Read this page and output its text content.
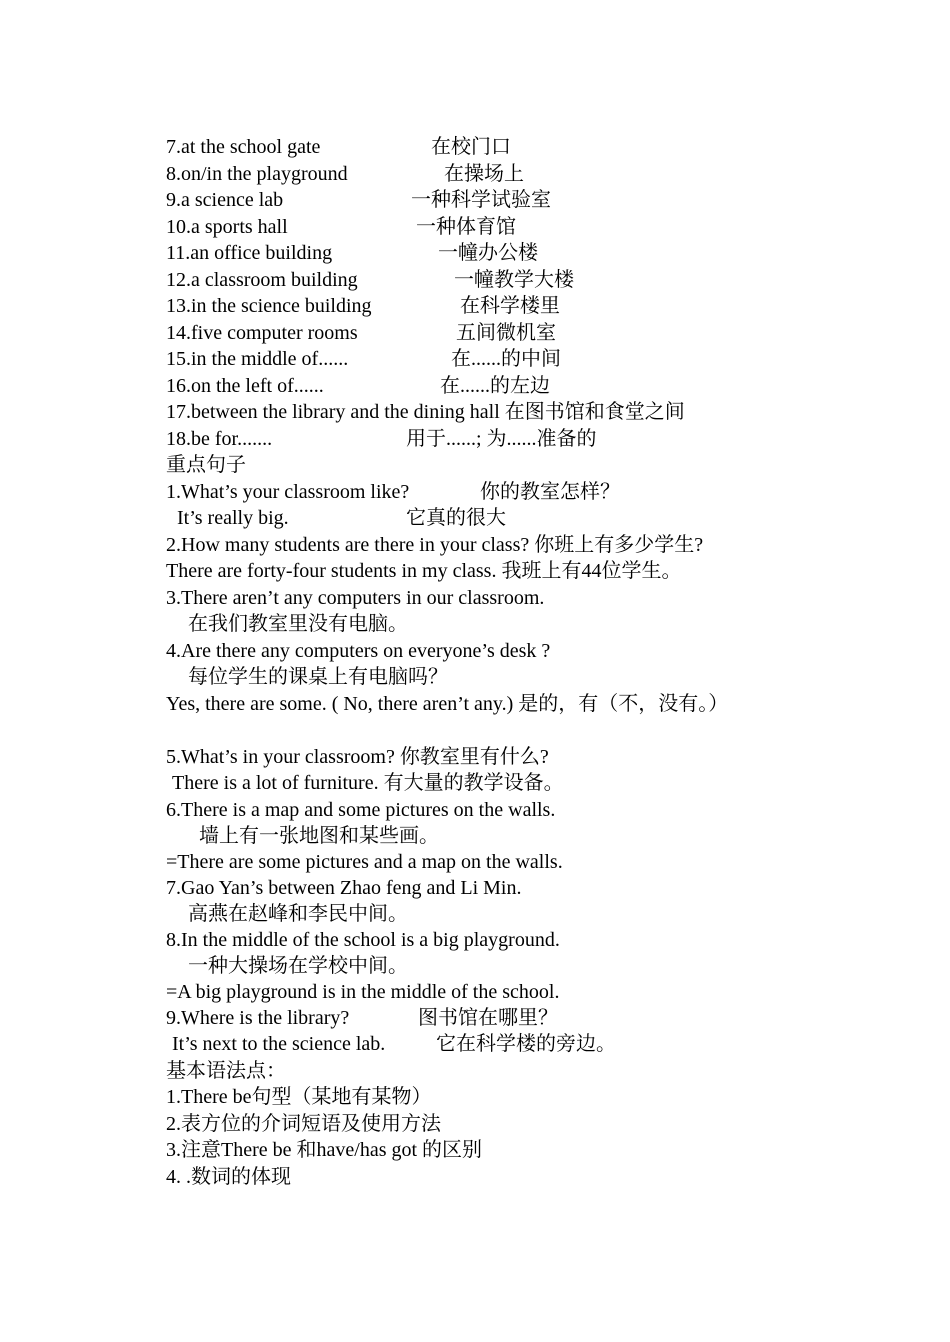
7.at the school gate	在校门口
8.on/in the playground	在操场上
9.a science lab	一种科学试验室
10.a sports hall	一种体育馆
11.an office building	一幢办公楼
12.a classroom building	一幢教学大楼
13.in the science building	在科学楼里
14.five computer rooms	五间微机室
15.in the middle of......	在......的中间
16.on the left of......	在......的左边
17.between the library and the dining hall 在图书馆和食堂之间
18.be for.......	用于......; 为......准备的
重点句子
1.What’s your classroom like?	你的教室怎样？
It’s really big.	它真的很大
2.How many students are there in your class? 你班上有多少学生?
There are forty-four students in my class. 我班上有44位学生。
3.There aren’t any computers in our classroom.
在我们教室里没有电脑。
4.Are there any computers on everyone’s desk ?
每位学生的课桌上有电脑吗？
Yes, there are some. ( No, there aren’t any.) 是的，有（不，没有。）
5.What’s in your classroom? 你教室里有什么?
There is a lot of furniture. 有大量的教学设备。
6.There is a map and some pictures on the walls.
墙上有一张地图和某些画。
=There are some pictures and a map on the walls.
7.Gao Yan’s between Zhao feng and Li Min.
高燕在赵峰和李民中间。
8.In the middle of the school is a big playground.
一种大操场在学校中间。
=A big playground is in the middle of the school.
9.Where is the library?	图书馆在哪里？
It’s next to the science lab.	它在科学楼的旁边。
基本语法点：
1.There be句型（某地有某物）
2.表方位的介词短语及使用方法
3.注意There be 和have/has got 的区别
4. .数词的体现
